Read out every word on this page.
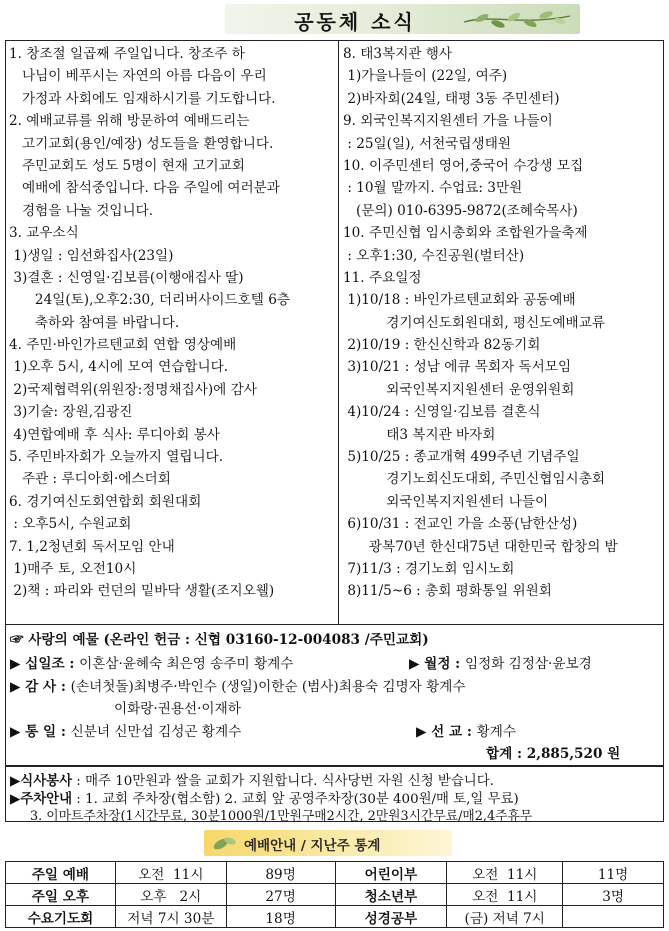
공동체 소식
1. 창조절 일곱째 주일입니다. 창조주 하
나님이 베푸시는 자연의 아름 다음이 우리
가정과 사회에도 임재하시기를 기도합니다.
2. 예배교류를 위해 방문하여 예배드리는
고기교회(용인/예장) 성도들을 환영합니다.
주민교회도 성도 5명이 현재 고기교회
예배에 참석중입니다. 다음 주일에 여러분과
경험을 나눌 것입니다.
3. 교우소식
1)생일 : 임선화집사(23일)
3)결혼 : 신영일·김보름(이행애집사 딸)
24일(토),오후2:30, 더리버사이드호텔 6층
축하와 참여를 바랍니다.
4. 주민·바인가르텐교회 연합 영상예배
1)오후 5시, 4시에 모여 연습합니다.
2)국제협력위(위원장:정명채집사)에 감사
3)기술: 장원,김광진
4)연합예배 후 식사: 루디아회 봉사
5. 주민바자회가 오늘까지 열립니다.
주관 : 루디아회·에스더회
6. 경기여신도회연합회 회원대회
: 오후5시, 수원교회
7. 1,2청년회 독서모임 안내
1)매주 토, 오전10시
2)책 : 파리와 런던의 밑바닥 생활(조지오웰)
8. 태3복지관 행사
1)가을나들이 (22일, 여주)
2)바자회(24일, 태평 3동 주민센터)
9. 외국인복지지원센터 가을 나들이
: 25일(일), 서천국립생태원
10. 이주민센터 영어,중국어 수강생 모집
: 10월 말까지. 수업료: 3만원
(문의) 010-6395-9872(조혜숙목사)
10. 주민신협 임시총회와 조합원가을축제
: 오후1:30, 수진공원(벌터산)
11. 주요일정
1)10/18 : 바인가르텐교회와 공동예배
경기여신도회원대회, 평신도예배교류
2)10/19 : 한신신학과 82동기회
3)10/21 : 성남 에큐 목회자 독서모임
외국인복지지원센터 운영위원회
4)10/24 : 신영일·김보름 결혼식
태3 복지관 바자회
5)10/25 : 종교개혁 499주년 기념주일
경기노회신도대회, 주민신협임시총회
외국인복지지원센터 나들이
6)10/31 : 전교인 가을 소풍(남한산성)
광복70년 한신대75년 대한민국 합창의 밤
7)11/3 : 경기노회 임시노회
8)11/5~6 : 총회 평화통일 위원회
☞ 사랑의 예물 (온라인 헌금 : 신협 03160-12-004083 /주민교회)
▶ 십일조 : 이혼삼·윤혜숙 최은영 송주미 황계수	▶ 월정 : 임정화 김정삼·윤보경
▶ 감 사 : (손녀첫돌)최병주·박인수 (생일)이한순 (범사)최용숙 김명자 황계수
이화랑·권용선·이재하
▶ 통 일 : 신분녀 신만섭 김성곤 황계수	▶ 선 교 : 황계수
합계 : 2,885,520 원
▶식사봉사 : 매주 10만원과 쌀을 교회가 지원합니다. 식사당번 자원 신청 받습니다.
▶주차안내 : 1. 교회 주차장(협소함) 2. 교회 앞 공영주차장(30분 400원/매 토,일 무료)
3. 이마트주차장(1시간무료, 30분1000원/1만원구매2시간, 2만원3시간무료/매2,4주휴무
예배안내 / 지난주 통계
주일 예배	오전  11시	89명	어린이부	오전  11시	11명
주일 오후	오후   2시	27명	청소년부	오전  11시	3명
수요기도회	저녁 7시 30분	18명	성경공부	(금) 저녁 7시	
